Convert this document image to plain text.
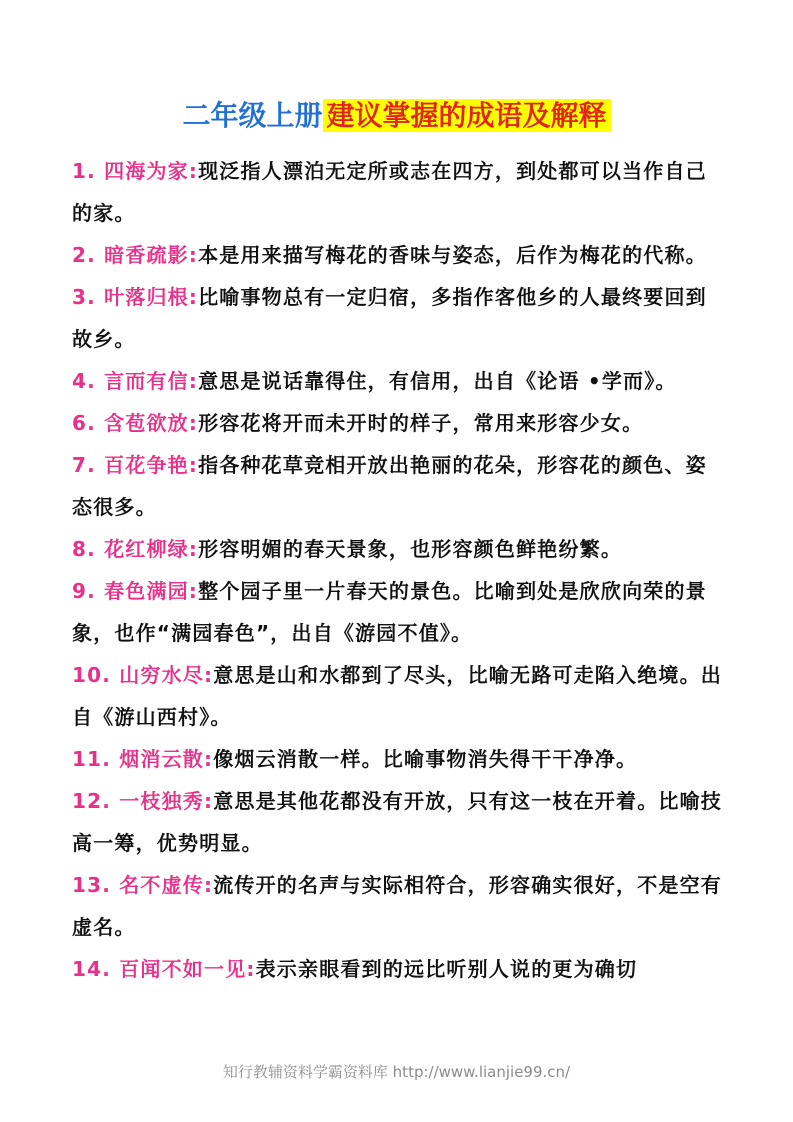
二年级上册 建议掌握的成语及解释

1. 四海为家:现泛指人漂泊无定所或志在四方，到处都可以当作自己的家。

2. 暗香疏影:本是用来描写梅花的香味与姿态，后作为梅花的代称。

3. 叶落归根:比喻事物总有一定归宿，多指作客他乡的人最终要回到故乡。

4. 言而有信:意思是说话靠得住，有信用，出自《论语 •学而》。

6. 含苞欲放:形容花将开而未开时的样子，常用来形容少女。

7. 百花争艳:指各种花草竞相开放出艳丽的花朵，形容花的颜色、姿态很多。

8. 花红柳绿:形容明媚的春天景象，也形容颜色鲜艳纷繁。

9. 春色满园:整个园子里一片春天的景色。比喻到处是欣欣向荣的景象，也作“满园春色”，出自《游园不值》。

10. 山穷水尽:意思是山和水都到了尽头，比喻无路可走陷入绝境。出自《游山西村》。

11. 烟消云散:像烟云消散一样。比喻事物消失得干干净净。

12. 一枝独秀:意思是其他花都没有开放，只有这一枝在开着。比喻技高一筹，优势明显。

13. 名不虚传:流传开的名声与实际相符合，形容确实很好，不是空有虚名。

14. 百闻不如一见:表示亲眼看到的远比听别人说的更为确切

知行教辅资料学霸资料库 http://www.lianjie99.cn/
